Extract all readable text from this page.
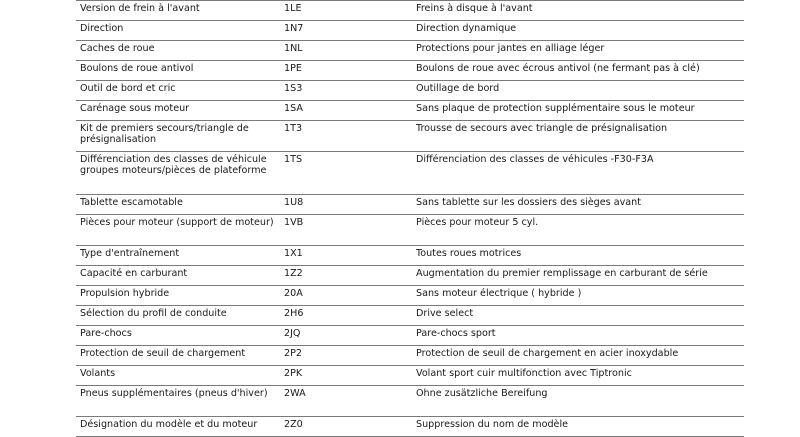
Version de frein à l'avant	1LE	Freins à disque à l'avant
Direction	1N7	Direction dynamique
Caches de roue	1NL	Protections pour jantes en alliage léger
Boulons de roue antivol	1PE	Boulons de roue avec écrous antivol (ne fermant pas à clé)
Outil de bord et cric	1S3	Outillage de bord
Carénage sous moteur	1SA	Sans plaque de protection supplémentaire sous le moteur
Kit de premiers secours/triangle de présignalisation	1T3	Trousse de secours avec triangle de présignalisation
Différenciation des classes de véhicule groupes moteurs/pièces de plateforme	1TS	Différenciation des classes de véhicules -F30-F3A
Tablette escamotable	1U8	Sans tablette sur les dossiers des sièges avant
Pièces pour moteur (support de moteur)	1VB	Pièces pour moteur 5 cyl.
Type d'entraînement	1X1	Toutes roues motrices
Capacité en carburant	1Z2	Augmentation du premier remplissage en carburant de série
Propulsion hybride	20A	Sans moteur électrique ( hybride )
Sélection du profil de conduite	2H6	Drive select
Pare-chocs	2JQ	Pare-chocs sport
Protection de seuil de chargement	2P2	Protection de seuil de chargement en acier inoxydable
Volants	2PK	Volant sport cuir multifonction avec Tiptronic
Pneus supplémentaires (pneus d'hiver)	2WA	Ohne zusätzliche Bereifung
Désignation du modèle et du moteur	2Z0	Suppression du nom de modèle
